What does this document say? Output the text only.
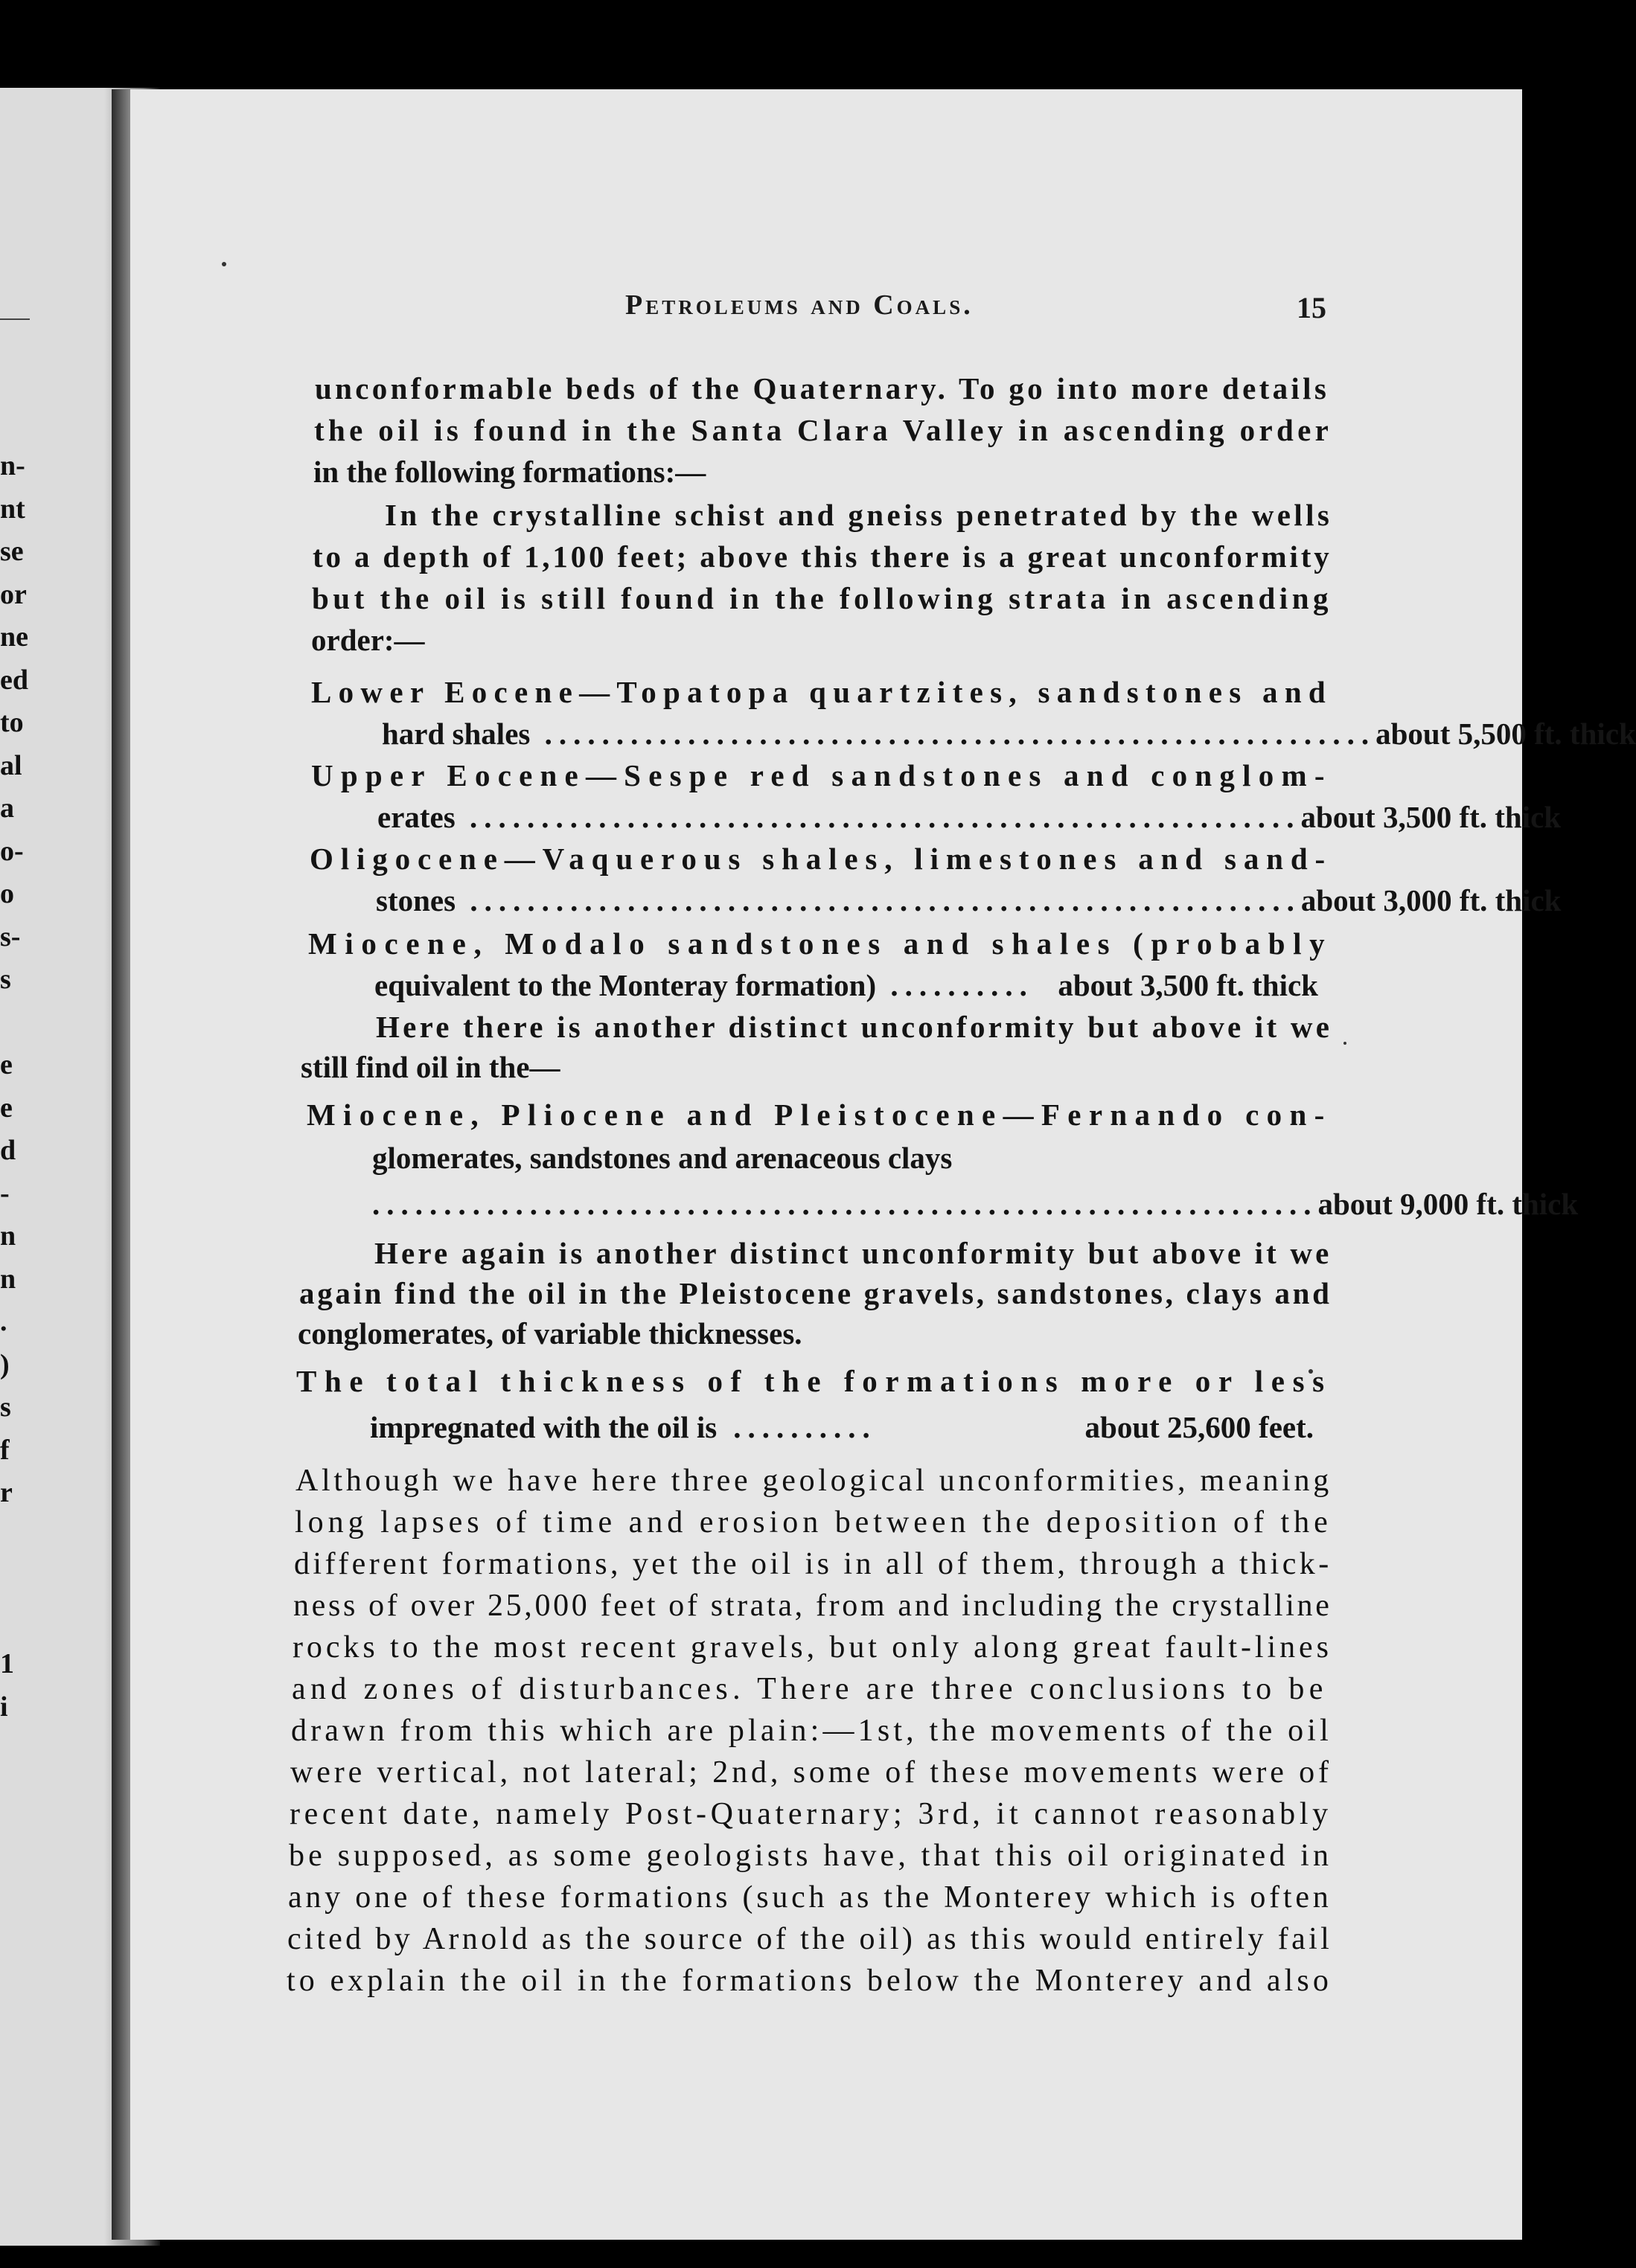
n-
nt
se
or
ne
ed
to
al
a
o-
o
s-
s
e
e
d
-
n
n
.
)
s
f
r
1
i
Petroleums and Coals.	15
unconformable beds of the Quaternary. To go into more details
the oil is found in the Santa Clara Valley in ascending order
in the following formations:—
In the crystalline schist and gneiss penetrated by the wells
to a depth of 1,100 feet; above this there is a great unconformity
but the oil is still found in the following strata in ascending
order:—
Lower Eocene—Topatopa quartzites, sandstones and
hard shales .......................................................... about 5,500 ft. thick
Upper Eocene—Sespe red sandstones and conglom-
erates .......................................................... about 3,500 ft. thick
Oligocene—Vaquerous shales, limestones and sand-
stones .......................................................... about 3,000 ft. thick
Miocene, Modalo sandstones and shales (probably
equivalent to the Monteray formation) .......... about 3,500 ft. thick
Here there is another distinct unconformity but above it we
still find oil in the—
Miocene, Pliocene and Pleistocene—Fernando con-
glomerates, sandstones and arenaceous clays
.................................................................. about 9,000 ft. thick
Here again is another distinct unconformity but above it we
again find the oil in the Pleistocene gravels, sandstones, clays and
conglomerates, of variable thicknesses.
The total thickness of the formations more or less
impregnated with the oil is ..........	about 25,600 feet.
Although we have here three geological unconformities, meaning
long lapses of time and erosion between the deposition of the
different formations, yet the oil is in all of them, through a thick-
ness of over 25,000 feet of strata, from and including the crystalline
rocks to the most recent gravels, but only along great fault-lines
and zones of disturbances. There are three conclusions to be
drawn from this which are plain:—1st, the movements of the oil
were vertical, not lateral; 2nd, some of these movements were of
recent date, namely Post-Quaternary; 3rd, it cannot reasonably
be supposed, as some geologists have, that this oil originated in
any one of these formations (such as the Monterey which is often
cited by Arnold as the source of the oil) as this would entirely fail
to explain the oil in the formations below the Monterey and also
